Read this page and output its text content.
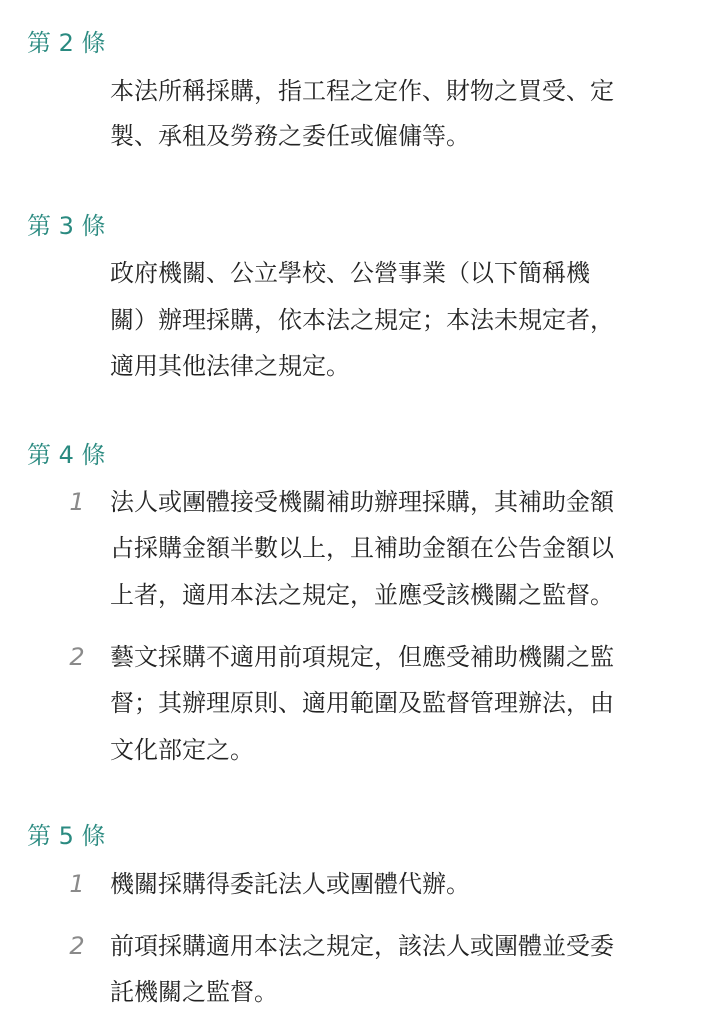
第 2 條
本法所稱採購，指工程之定作、財物之買受、定
製、承租及勞務之委任或僱傭等。
第 3 條
政府機關、公立學校、公營事業（以下簡稱機
關）辦理採購，依本法之規定；本法未規定者，
適用其他法律之規定。
第 4 條
1 法人或團體接受機關補助辦理採購，其補助金額
占採購金額半數以上，且補助金額在公告金額以
上者，適用本法之規定，並應受該機關之監督。
2 藝文採購不適用前項規定，但應受補助機關之監
督；其辦理原則、適用範圍及監督管理辦法，由
文化部定之。
第 5 條
1 機關採購得委託法人或團體代辦。
2 前項採購適用本法之規定，該法人或團體並受委
託機關之監督。
